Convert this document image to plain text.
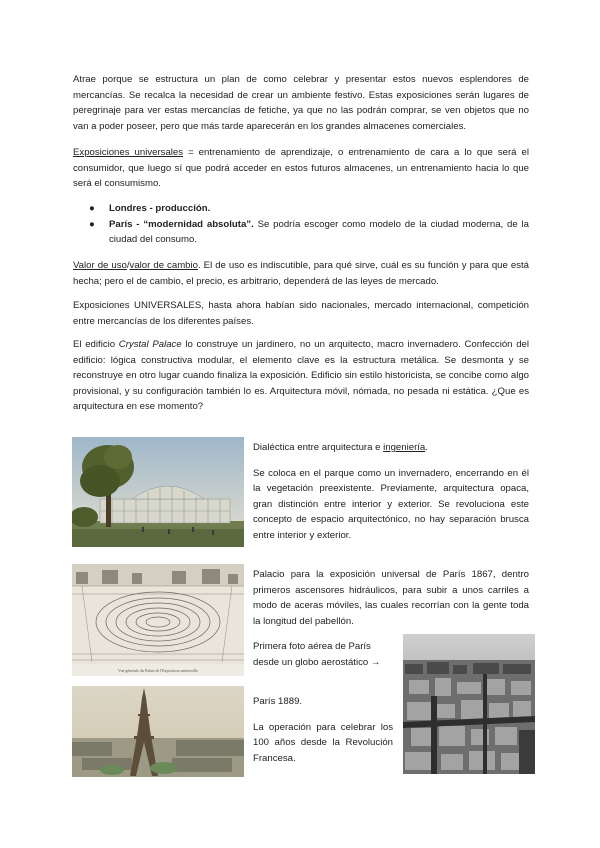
Atrae porque se estructura un plan de como celebrar y presentar estos nuevos esplendores de mercancías. Se recalca la necesidad de crear un ambiente festivo. Estas exposiciones serán lugares de peregrinaje para ver estas mercancías de fetiche, ya que no las podrán comprar, se ven objetos que no van a poder poseer, pero que más tarde aparecerán en los grandes almacenes comerciales.

Exposiciones universales = entrenamiento de aprendizaje, o entrenamiento de cara a lo que será el consumidor, que luego sí que podrá acceder en estos futuros almacenes, un entrenamiento hacia lo que será el consumismo.

● Londres - producción.
● París - “modernidad absoluta”. Se podría escoger como modelo de la ciudad moderna, de la ciudad del consumo.

Valor de uso/valor de cambio. El de uso es indiscutible, para qué sirve, cuál es su función y para que está hecha; pero el de cambio, el precio, es arbitrario, dependerá de las leyes de mercado.

Exposiciones UNIVERSALES, hasta ahora habían sido nacionales, mercado internacional, competición entre mercancías de los diferentes países.

El edificio Crystal Palace lo construye un jardinero, no un arquitecto, macro invernadero. Confección del edificio: lógica constructiva modular, el elemento clave es la estructura metálica. Se desmonta y se reconstruye en otro lugar cuando finaliza la exposición. Edificio sin estilo historicista, se concibe como algo provisional, y su configuración también lo es. Arquitectura móvil, nómada, no pesada ni estática. ¿Que es arquitectura en ese momento?

Dialéctica entre arquitectura e ingeniería.

Se coloca en el parque como un invernadero, encerrando en él la vegetación preexistente. Previamente, arquitectura opaca, gran distinción entre interior y exterior. Se revoluciona este concepto de espacio arquitectónico, no hay separación brusca entre interior y exterior.

Vue générale du Palais de l'Exposition universelle

Palacio para la exposición universal de París 1867, dentro primeros ascensores hidráulicos, para subir a unos carriles a modo de aceras móviles, las cuales recorrían con la gente toda la longitud del pabellón.

Primera foto aérea de París desde un globo aerostático →

París 1889.

La operación para celebrar los 100 años desde la Revolución Francesa.
